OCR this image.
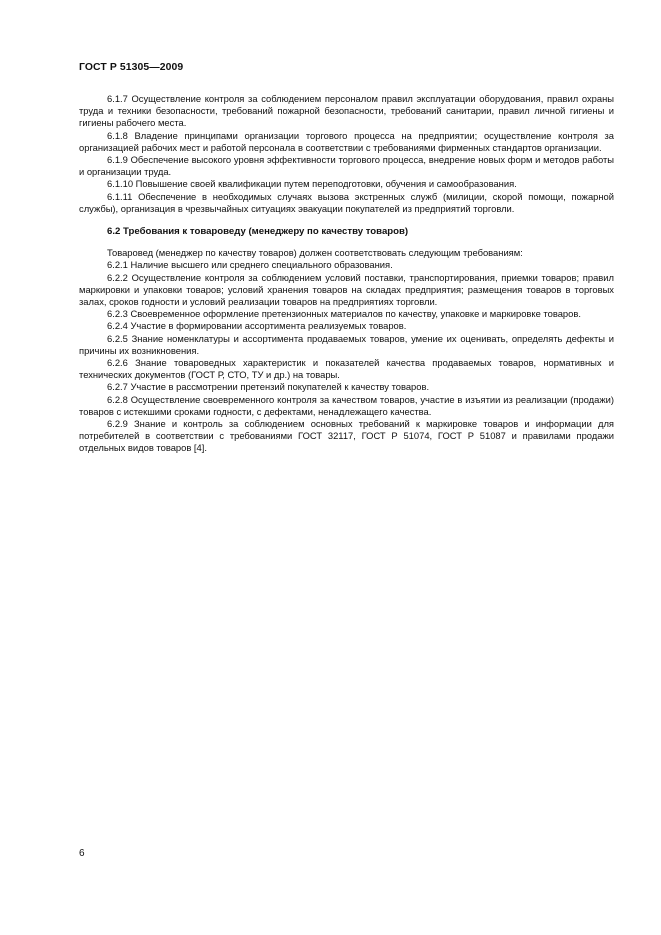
ГОСТ Р 51305—2009

6.1.7 Осуществление контроля за соблюдением персоналом правил эксплуатации оборудования, правил охраны труда и техники безопасности, требований пожарной безопасности, требований санитарии, правил личной гигиены и гигиены рабочего места.

6.1.8 Владение принципами организации торгового процесса на предприятии; осуществление контроля за организацией рабочих мест и работой персонала в соответствии с требованиями фирменных стандартов организации.

6.1.9 Обеспечение высокого уровня эффективности торгового процесса, внедрение новых форм и методов работы и организации труда.

6.1.10 Повышение своей квалификации путем переподготовки, обучения и самообразования.

6.1.11 Обеспечение в необходимых случаях вызова экстренных служб (милиции, скорой помощи, пожарной службы), организация в чрезвычайных ситуациях эвакуации покупателей из предприятий торговли.

6.2 Требования к товароведу (менеджеру по качеству товаров)

Товаровед (менеджер по качеству товаров) должен соответствовать следующим требованиям:

6.2.1 Наличие высшего или среднего специального образования.

6.2.2 Осуществление контроля за соблюдением условий поставки, транспортирования, приемки товаров; правил маркировки и упаковки товаров; условий хранения товаров на складах предприятия; размещения товаров в торговых залах, сроков годности и условий реализации товаров на предприятиях торговли.

6.2.3 Своевременное оформление претензионных материалов по качеству, упаковке и маркировке товаров.

6.2.4 Участие в формировании ассортимента реализуемых товаров.

6.2.5 Знание номенклатуры и ассортимента продаваемых товаров, умение их оценивать, определять дефекты и причины их возникновения.

6.2.6 Знание товароведных характеристик и показателей качества продаваемых товаров, нормативных и технических документов (ГОСТ Р, СТО, ТУ и др.) на товары.

6.2.7 Участие в рассмотрении претензий покупателей к качеству товаров.

6.2.8 Осуществление своевременного контроля за качеством товаров, участие в изъятии из реализации (продажи) товаров с истекшими сроками годности, с дефектами, ненадлежащего качества.

6.2.9 Знание и контроль за соблюдением основных требований к маркировке товаров и информации для потребителей в соответствии с требованиями ГОСТ 32117, ГОСТ Р 51074, ГОСТ Р 51087 и правилами продажи отдельных видов товаров [4].

6
